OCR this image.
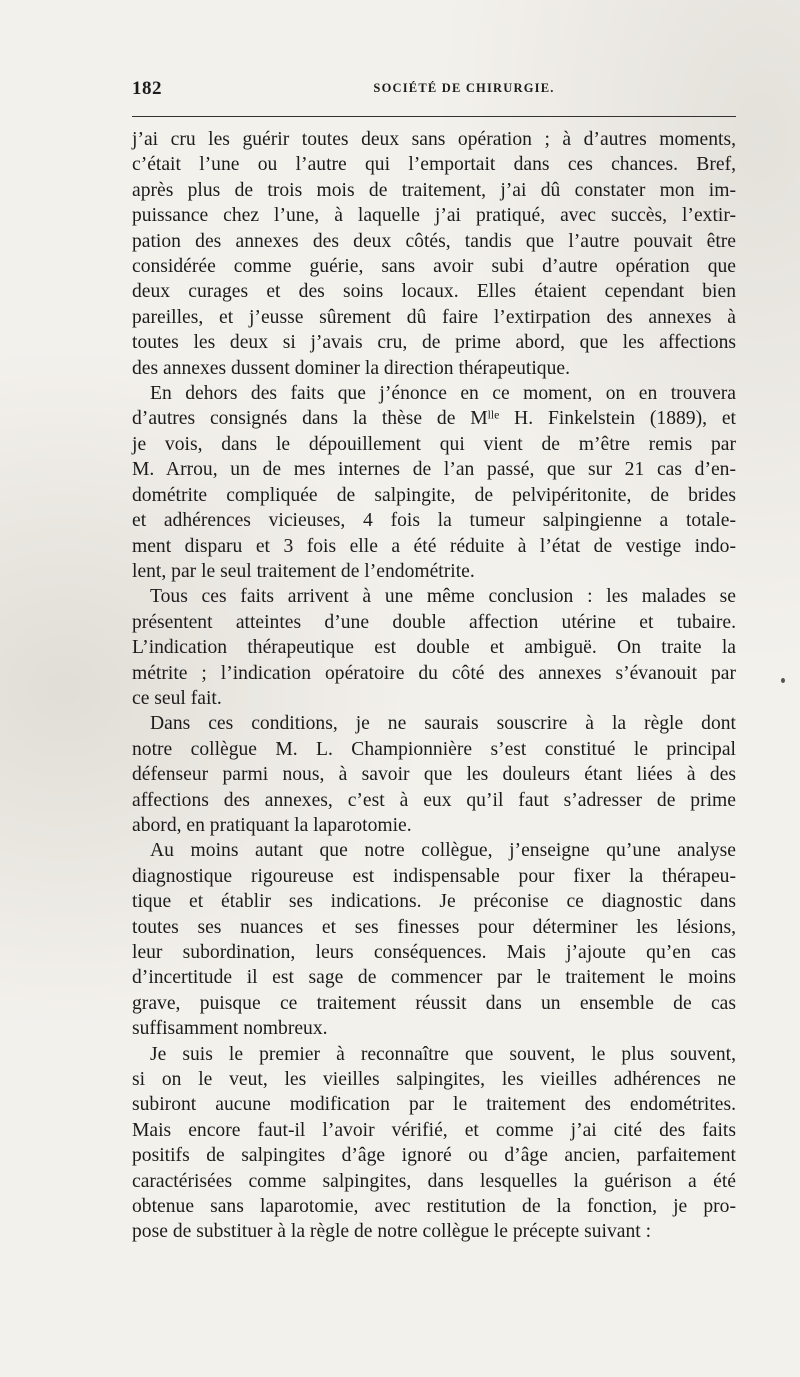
182	SOCIÉTÉ DE CHIRURGIE.

j’ai cru les guérir toutes deux sans opération ; à d’autres moments,
c’était l’une ou l’autre qui l’emportait dans ces chances. Bref,
après plus de trois mois de traitement, j’ai dû constater mon im-
puissance chez l’une, à laquelle j’ai pratiqué, avec succès, l’extir-
pation des annexes des deux côtés, tandis que l’autre pouvait être
considérée comme guérie, sans avoir subi d’autre opération que
deux curages et des soins locaux. Elles étaient cependant bien
pareilles, et j’eusse sûrement dû faire l’extirpation des annexes à
toutes les deux si j’avais cru, de prime abord, que les affections
des annexes dussent dominer la direction thérapeutique.

En dehors des faits que j’énonce en ce moment, on en trouvera
d’autres consignés dans la thèse de Mˡˡᵉ H. Finkelstein (1889), et
je vois, dans le dépouillement qui vient de m’être remis par
M. Arrou, un de mes internes de l’an passé, que sur 21 cas d’en-
dométrite compliquée de salpingite, de pelvipéritonite, de brides
et adhérences vicieuses, 4 fois la tumeur salpingienne a totale-
ment disparu et 3 fois elle a été réduite à l’état de vestige indo-
lent, par le seul traitement de l’endométrite.

Tous ces faits arrivent à une même conclusion : les malades se
présentent atteintes d’une double affection utérine et tubaire.
L’indication thérapeutique est double et ambiguë. On traite la
métrite ; l’indication opératoire du côté des annexes s’évanouit par
ce seul fait.

Dans ces conditions, je ne saurais souscrire à la règle dont
notre collègue M. L. Championnière s’est constitué le principal
défenseur parmi nous, à savoir que les douleurs étant liées à des
affections des annexes, c’est à eux qu’il faut s’adresser de prime
abord, en pratiquant la laparotomie.

Au moins autant que notre collègue, j’enseigne qu’une analyse
diagnostique rigoureuse est indispensable pour fixer la thérapeu-
tique et établir ses indications. Je préconise ce diagnostic dans
toutes ses nuances et ses finesses pour déterminer les lésions,
leur subordination, leurs conséquences. Mais j’ajoute qu’en cas
d’incertitude il est sage de commencer par le traitement le moins
grave, puisque ce traitement réussit dans un ensemble de cas
suffisamment nombreux.

Je suis le premier à reconnaître que souvent, le plus souvent,
si on le veut, les vieilles salpingites, les vieilles adhérences ne
subiront aucune modification par le traitement des endométrites.
Mais encore faut-il l’avoir vérifié, et comme j’ai cité des faits
positifs de salpingites d’âge ignoré ou d’âge ancien, parfaitement
caractérisées comme salpingites, dans lesquelles la guérison a été
obtenue sans laparotomie, avec restitution de la fonction, je pro-
pose de substituer à la règle de notre collègue le précepte suivant :
